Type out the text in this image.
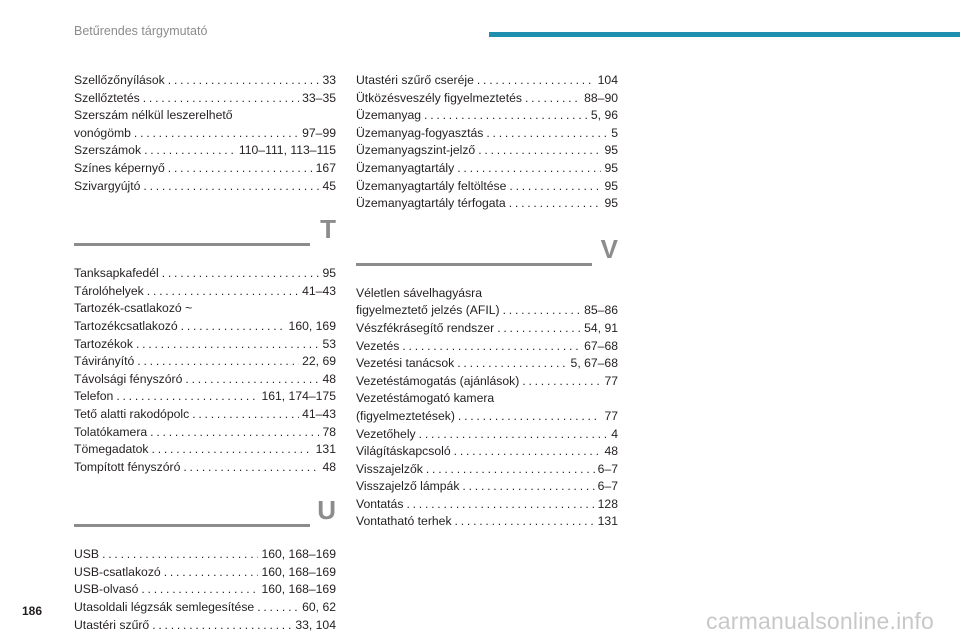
Betűrendes tárgymutató
Szellőzőnyílások . . .	33
Szellőztetés . . .	33–35
Szerszám nélkül leszerelhető
vonógömb . . .	97–99
Szerszámok . . .	110–111, 113–115
Színes képernyő . . .	167
Szivargyújtó . . .	45
T
Tanksapkafedél . . .	95
Tárolóhelyek . . .	41–43
Tartozék-csatlakozó ~
Tartozékcsatlakozó . . .	160, 169
Tartozékok . . .	53
Távirányító . . .	22, 69
Távolsági fényszóró . . .	48
Telefon . . .	161, 174–175
Tető alatti rakodópolc . . .	41–43
Tolatókamera . . .	78
Tömegadatok . . .	131
Tompított fényszóró . . .	48
U
USB . . .	160, 168–169
USB-csatlakozó . . .	160, 168–169
USB-olvasó . . .	160, 168–169
Utasoldali légzsák semlegesítése . . .	60, 62
Utastéri szűrő . . .	33, 104
Utastéri szűrő cseréje . . .	104
Ütközésveszély figyelmeztetés . . .	88–90
Üzemanyag . . .	5, 96
Üzemanyag-fogyasztás . . .	5
Üzemanyagszint-jelző . . .	95
Üzemanyagtartály . . .	95
Üzemanyagtartály feltöltése . . .	95
Üzemanyagtartály térfogata . . .	95
V
Véletlen sávelhagyásra
figyelmeztető jelzés (AFIL) . . .	85–86
Vészfékrásegítő rendszer . . .	54, 91
Vezetés . . .	67–68
Vezetési tanácsok . . .	5, 67–68
Vezetéstámogatás (ajánlások) . . .	77
Vezetéstámogató kamera
(figyelmeztetések) . . .	77
Vezetőhely . . .	4
Világításkapcsoló . . .	48
Visszajelzők . . .	6–7
Visszajelző lámpák . . .	6–7
Vontatás . . .	128
Vontatható terhek . . .	131
186	carmanualsonline.info
